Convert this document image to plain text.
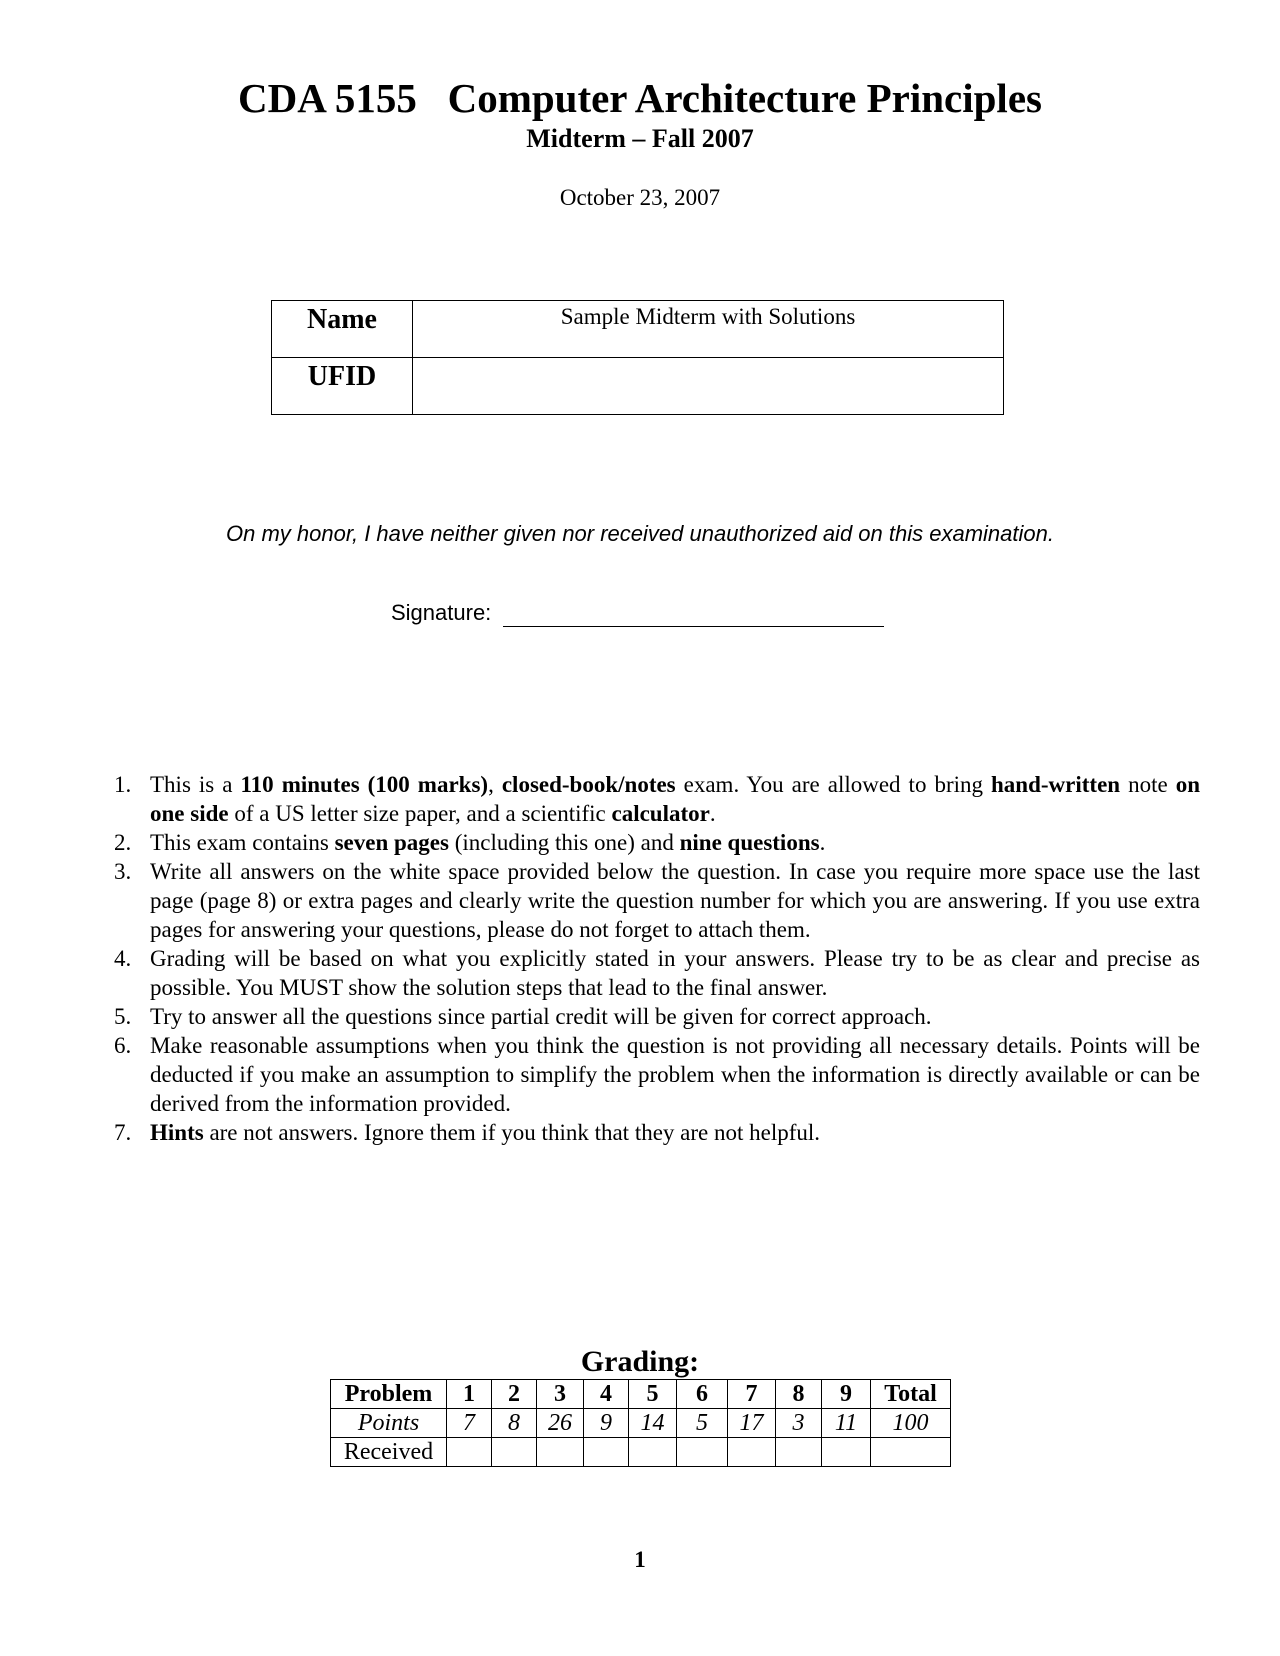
CDA 5155   Computer Architecture Principles
Midterm – Fall 2007
October 23, 2007
Name	Sample Midterm with Solutions
UFID	
On my honor, I have neither given nor received unauthorized aid on this examination.
Signature:
1. This is a 110 minutes (100 marks), closed-book/notes exam. You are allowed to bring hand-written note on one side of a US letter size paper, and a scientific calculator.
2. This exam contains seven pages (including this one) and nine questions.
3. Write all answers on the white space provided below the question. In case you require more space use the last page (page 8) or extra pages and clearly write the question number for which you are answering. If you use extra pages for answering your questions, please do not forget to attach them.
4. Grading will be based on what you explicitly stated in your answers. Please try to be as clear and precise as possible. You MUST show the solution steps that lead to the final answer.
5. Try to answer all the questions since partial credit will be given for correct approach.
6. Make reasonable assumptions when you think the question is not providing all necessary details. Points will be deducted if you make an assumption to simplify the problem when the information is directly available or can be derived from the information provided.
7. Hints are not answers. Ignore them if you think that they are not helpful.
Grading:
Problem	1	2	3	4	5	6	7	8	9	Total
Points	7	8	26	9	14	5	17	3	11	100
Received										
1
